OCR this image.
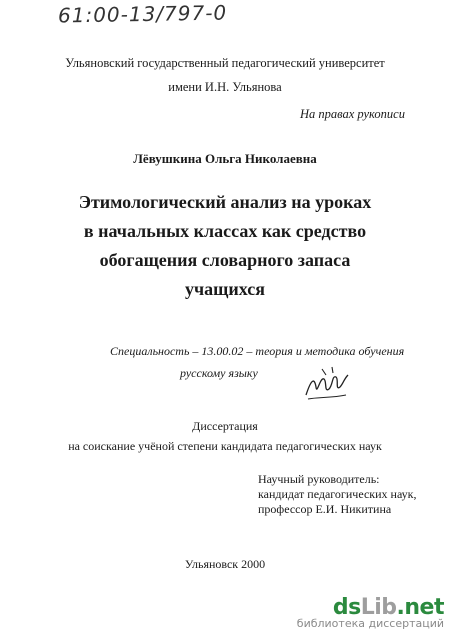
61:00-13/797-0
Ульяновский государственный педагогический университет
имени И.Н. Ульянова
На правах рукописи
Лёвушкина Ольга Николаевна
Этимологический анализ на уроках
в начальных классах как средство
обогащения словарного запаса
учащихся
Специальность – 13.00.02 – теория и методика обучения
русскому языку
Диссертация
на соискание учёной степени кандидата педагогических наук
Научный руководитель:
кандидат педагогических наук,
профессор Е.И. Никитина
Ульяновск 2000
dsLib.net
библиотека диссертаций
